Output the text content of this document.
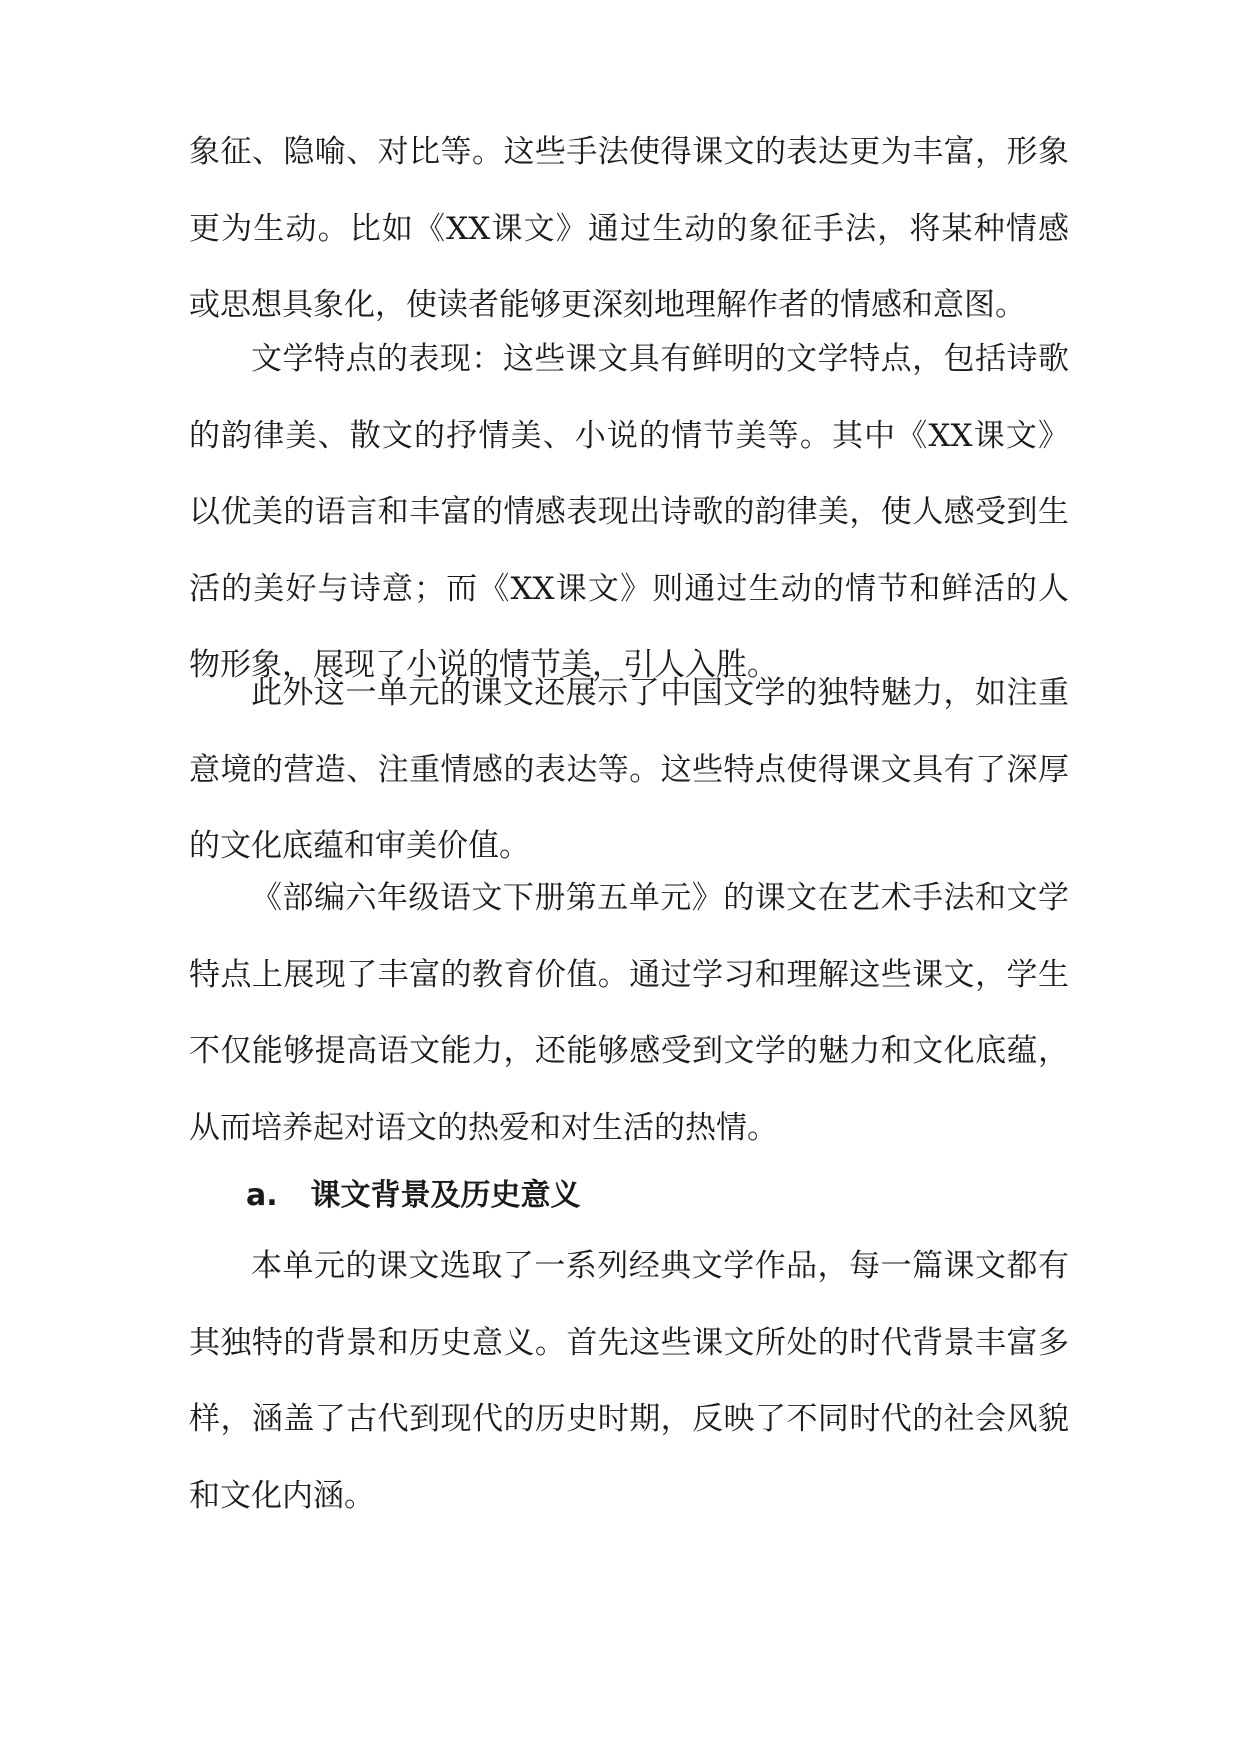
象征、隐喻、对比等。这些手法使得课文的表达更为丰富，形象更为生动。比如《XX课文》通过生动的象征手法，将某种情感或思想具象化，使读者能够更深刻地理解作者的情感和意图。

文学特点的表现：这些课文具有鲜明的文学特点，包括诗歌的韵律美、散文的抒情美、小说的情节美等。其中《XX课文》以优美的语言和丰富的情感表现出诗歌的韵律美，使人感受到生活的美好与诗意；而《XX课文》则通过生动的情节和鲜活的人物形象，展现了小说的情节美，引人入胜。

此外这一单元的课文还展示了中国文学的独特魅力，如注重意境的营造、注重情感的表达等。这些特点使得课文具有了深厚的文化底蕴和审美价值。

《部编六年级语文下册第五单元》的课文在艺术手法和文学特点上展现了丰富的教育价值。通过学习和理解这些课文，学生不仅能够提高语文能力，还能够感受到文学的魅力和文化底蕴，从而培养起对语文的热爱和对生活的热情。

a. 课文背景及历史意义

本单元的课文选取了一系列经典文学作品，每一篇课文都有其独特的背景和历史意义。首先这些课文所处的时代背景丰富多样，涵盖了古代到现代的历史时期，反映了不同时代的社会风貌和文化内涵。
